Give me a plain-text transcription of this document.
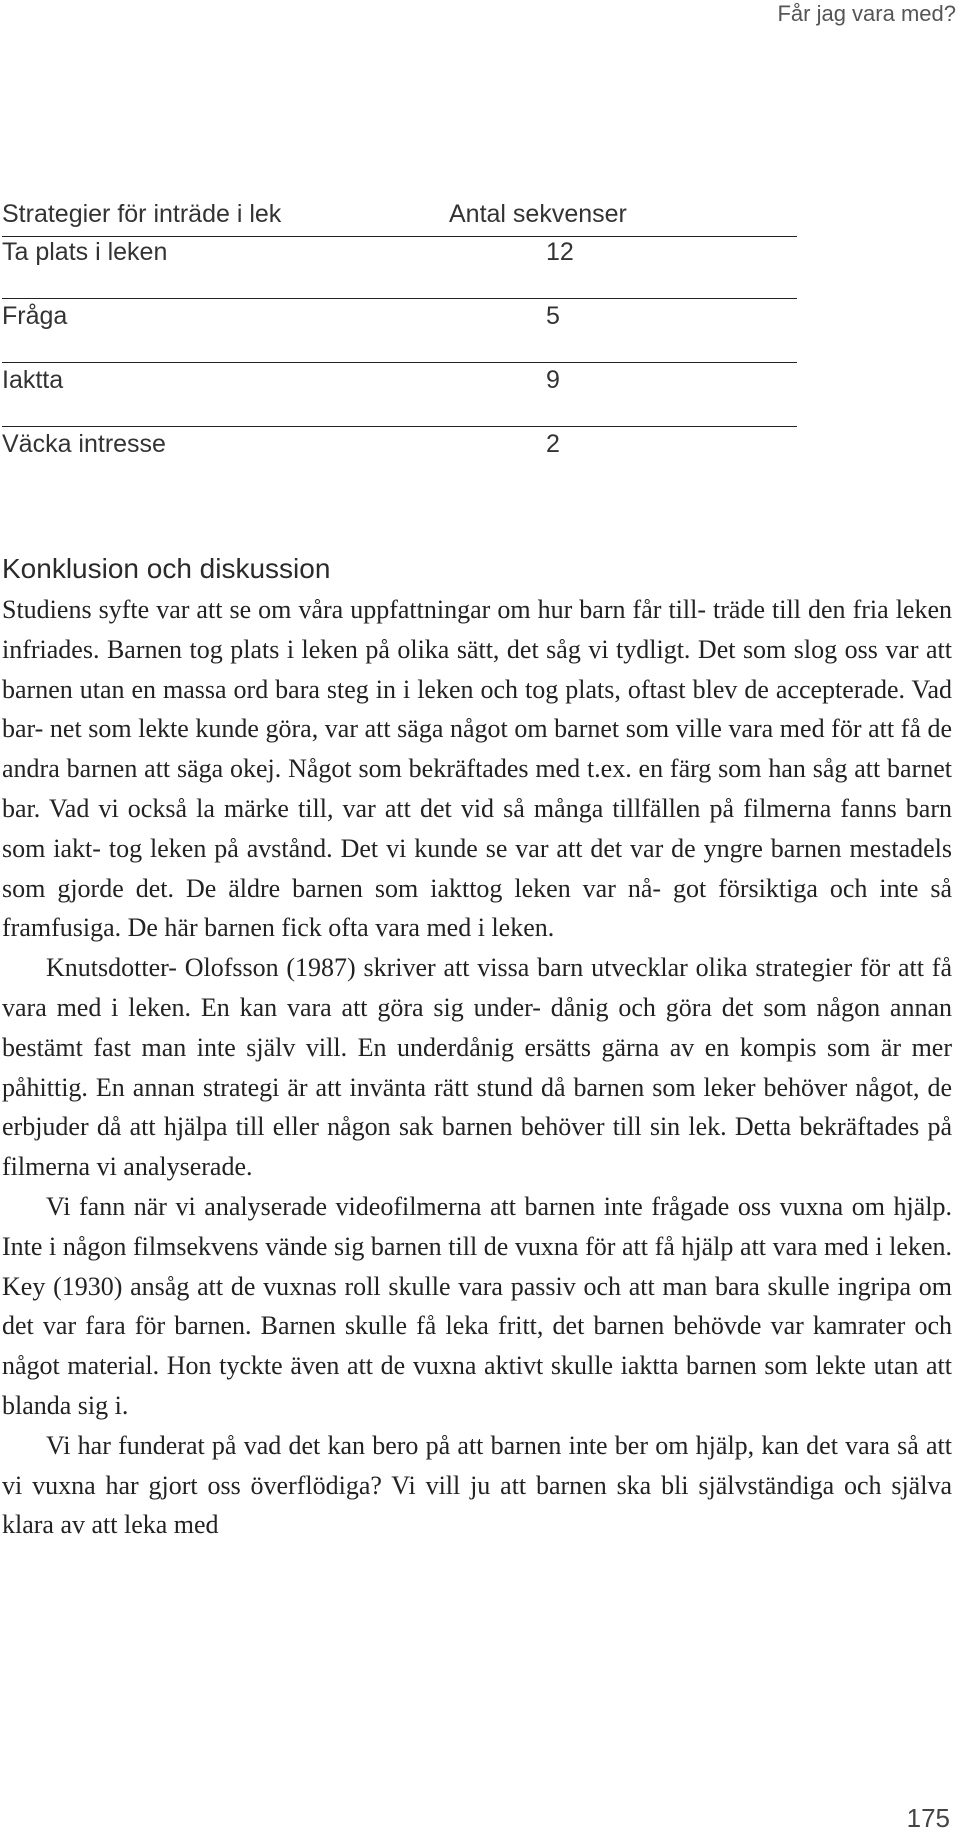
Får jag vara med?
Strategier för inträde i lek	Antal sekvenser
Ta plats i leken	12
Fråga	5
Iaktta	9
Väcka intresse	2
Konklusion och diskussion

Studiens syfte var att se om våra uppfattningar om hur barn får till- träde till den fria leken infriades. Barnen tog plats i leken på olika sätt, det såg vi tydligt. Det som slog oss var att barnen utan en massa ord bara steg in i leken och tog plats, oftast blev de accepterade. Vad bar- net som lekte kunde göra, var att säga något om barnet som ville vara med för att få de andra barnen att säga okej. Något som bekräftades med t.ex. en färg som han såg att barnet bar. Vad vi också la märke till, var att det vid så många tillfällen på filmerna fanns barn som iakt- tog leken på avstånd. Det vi kunde se var att det var de yngre barnen mestadels som gjorde det. De äldre barnen som iakttog leken var nå- got försiktiga och inte så framfusiga. De här barnen fick ofta vara med i leken.

Knutsdotter- Olofsson (1987) skriver att vissa barn utvecklar olika strategier för att få vara med i leken. En kan vara att göra sig under- dånig och göra det som någon annan bestämt fast man inte själv vill. En underdånig ersätts gärna av en kompis som är mer påhittig. En annan strategi är att invänta rätt stund då barnen som leker behöver något, de erbjuder då att hjälpa till eller någon sak barnen behöver till sin lek. Detta bekräftades på filmerna vi analyserade.

Vi fann när vi analyserade videofilmerna att barnen inte frågade oss vuxna om hjälp. Inte i någon filmsekvens vände sig barnen till de vuxna för att få hjälp att vara med i leken. Key (1930) ansåg att de vuxnas roll skulle vara passiv och att man bara skulle ingripa om det var fara för barnen. Barnen skulle få leka fritt, det barnen behövde var kamrater och något material. Hon tyckte även att de vuxna aktivt skulle iaktta barnen som lekte utan att blanda sig i.

Vi har funderat på vad det kan bero på att barnen inte ber om hjälp, kan det vara så att vi vuxna har gjort oss överflödiga? Vi vill ju att barnen ska bli självständiga och själva klara av att leka med

175
